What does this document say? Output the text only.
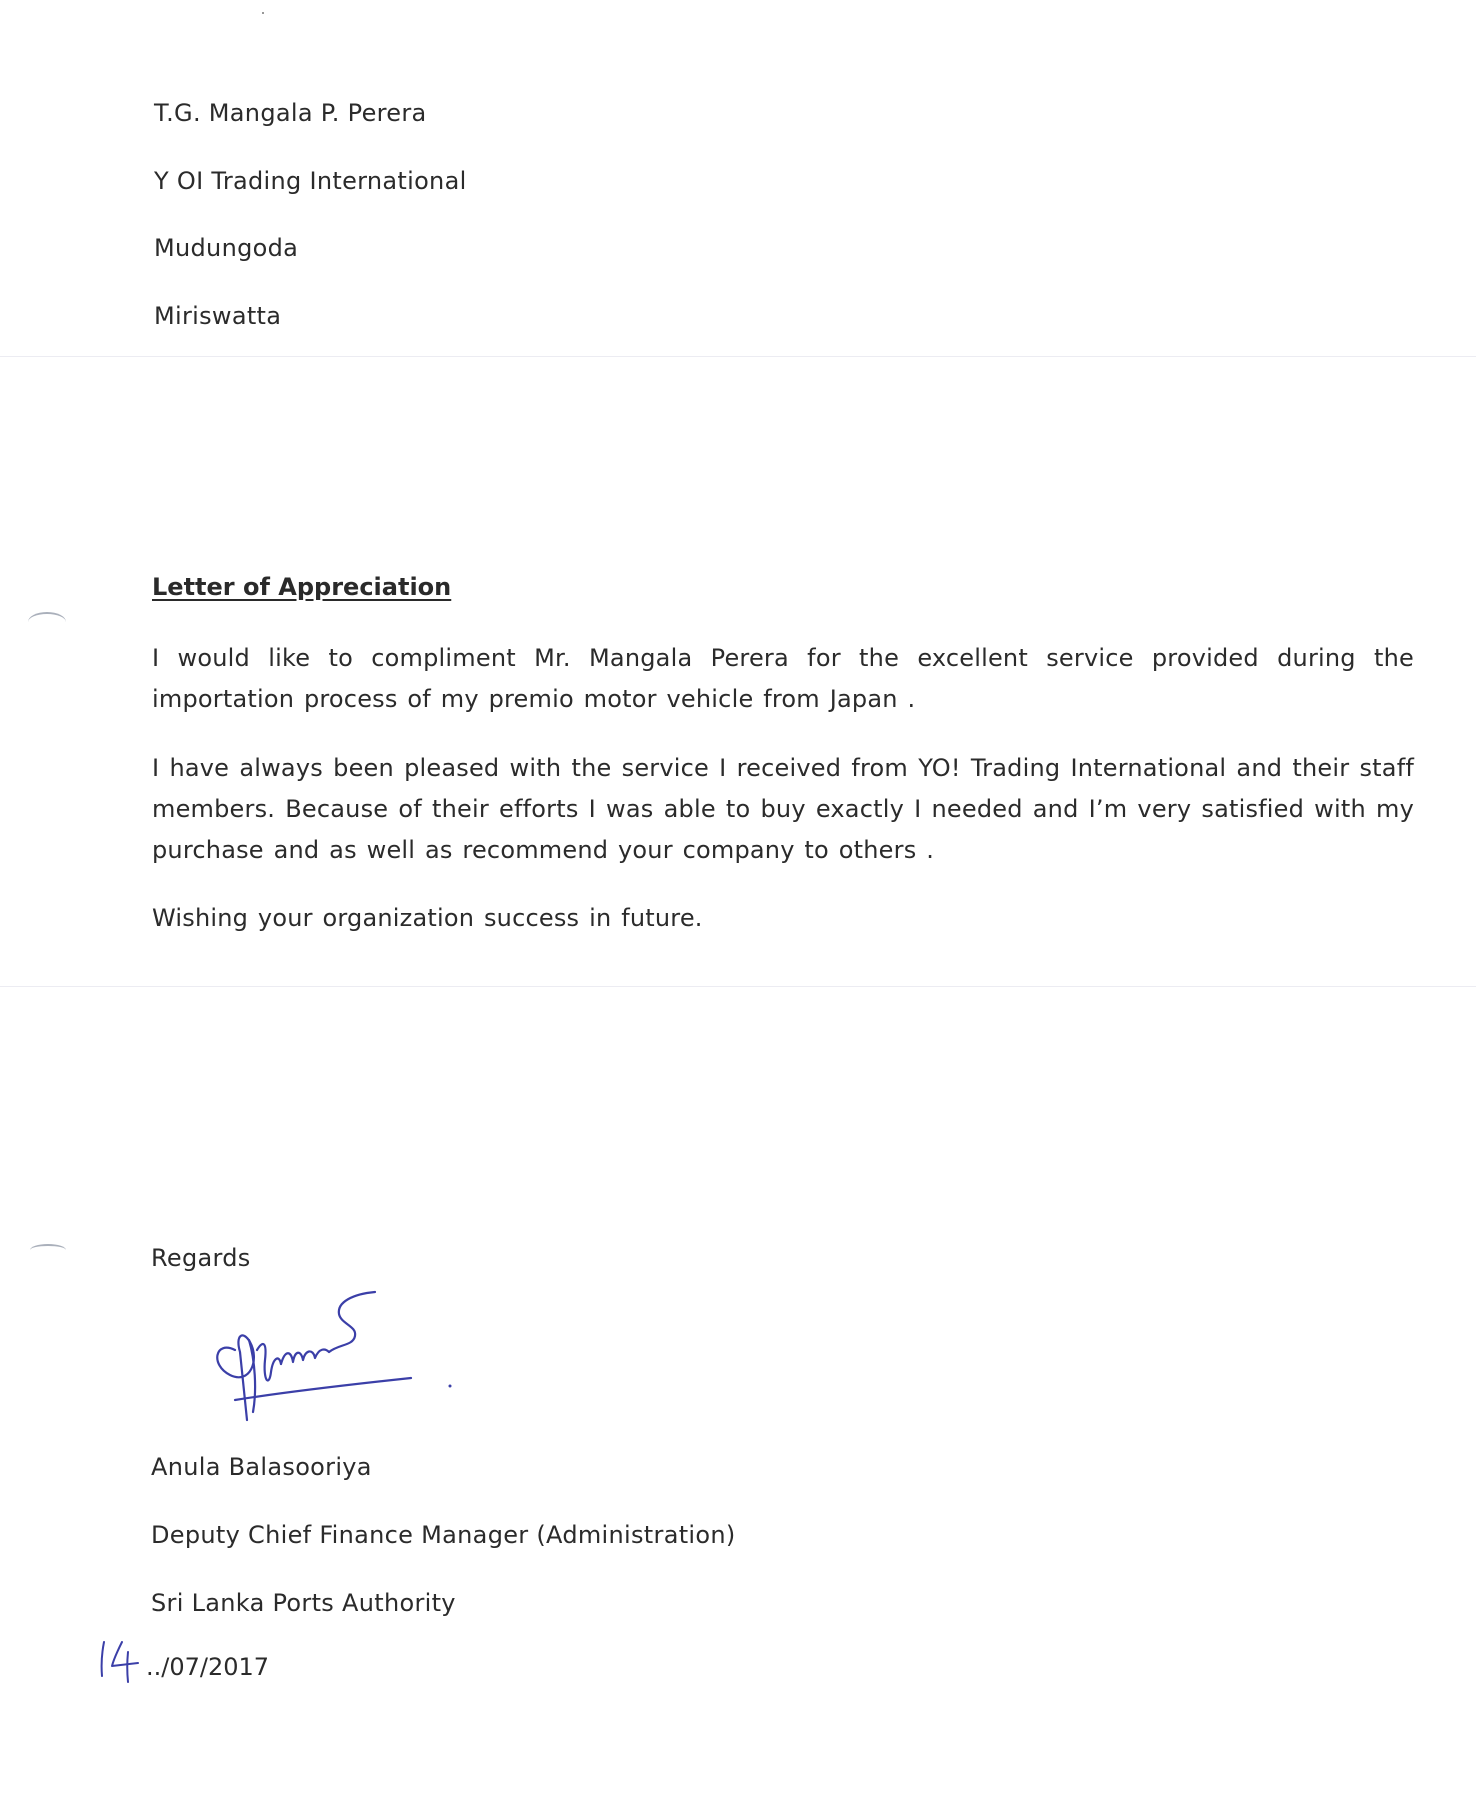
T.G. Mangala P. Perera
Y OI Trading International
Mudungoda
Miriswatta
Letter of Appreciation
I would like to compliment Mr. Mangala Perera for the excellent service provided during the importation process of my premio motor vehicle from Japan .
I have always been pleased with the service I received from YO! Trading International and their staff members. Because of their efforts I was able to buy exactly I needed and I’m very satisfied with my purchase and as well as recommend your company to others .
Wishing your organization success in future.
Regards
Anula Balasooriya
Deputy Chief Finance Manager (Administration)
Sri Lanka Ports Authority
../07/2017
